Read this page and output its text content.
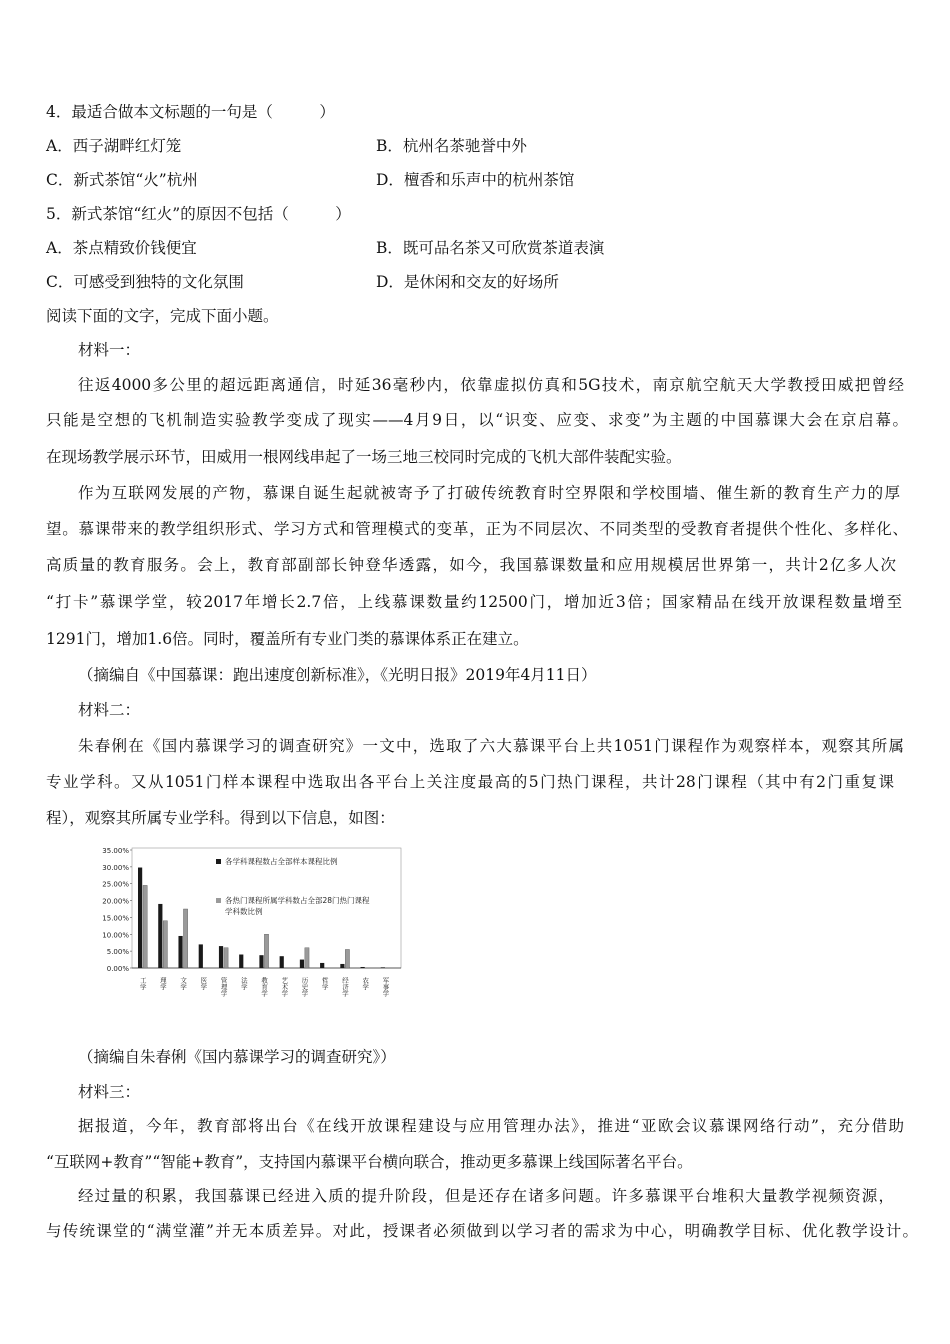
4．最适合做本文标题的一句是（　　　）
A．西子湖畔红灯笼	B．杭州名茶驰誉中外
C．新式茶馆“火”杭州	D．檀香和乐声中的杭州茶馆
5．新式茶馆“红火”的原因不包括（　　　）
A．茶点精致价钱便宜	B．既可品名茶又可欣赏茶道表演
C．可感受到独特的文化氛围	D．是休闲和交友的好场所
阅读下面的文字，完成下面小题。
材料一：
往返4000多公里的超远距离通信，时延36毫秒内，依靠虚拟仿真和5G技术，南京航空航天大学教授田威把曾经
只能是空想的飞机制造实验教学变成了现实——4月9日，以“识变、应变、求变”为主题的中国慕课大会在京启幕。
在现场教学展示环节，田威用一根网线串起了一场三地三校同时完成的飞机大部件装配实验。
作为互联网发展的产物，慕课自诞生起就被寄予了打破传统教育时空界限和学校围墙、催生新的教育生产力的厚
望。慕课带来的教学组织形式、学习方式和管理模式的变革，正为不同层次、不同类型的受教育者提供个性化、多样化、
高质量的教育服务。会上，教育部副部长钟登华透露，如今，我国慕课数量和应用规模居世界第一，共计2亿多人次
“打卡”慕课学堂，较2017年增长2.7倍，上线慕课数量约12500门，增加近3倍；国家精品在线开放课程数量增至
1291门，增加1.6倍。同时，覆盖所有专业门类的慕课体系正在建立。
（摘编自《中国慕课：跑出速度创新标准》，《光明日报》2019年4月11日）
材料二：
朱春俐在《国内慕课学习的调查研究》一文中，选取了六大慕课平台上共1051门课程作为观察样本，观察其所属
专业学科。又从1051门样本课程中选取出各平台上关注度最高的5门热门课程，共计28门课程（其中有2门重复课
程），观察其所属专业学科。得到以下信息，如图：
35.00%
30.00%
25.00%
20.00%
15.00%
10.00%
5.00%
0.00%
工学 理学 文学 医学 管理学 法学 教育学 艺术学 历史学 哲学 经济学 农学 军事学
各学科课程数占全部样本课程比例
各热门课程所属学科数占全部28门热门课程学科数比例
（摘编自朱春俐《国内慕课学习的调查研究》）
材料三：
据报道，今年，教育部将出台《在线开放课程建设与应用管理办法》，推进“亚欧会议慕课网络行动”，充分借助
“互联网+教育”“智能+教育”，支持国内慕课平台横向联合，推动更多慕课上线国际著名平台。
经过量的积累，我国慕课已经进入质的提升阶段，但是还存在诸多问题。许多慕课平台堆积大量教学视频资源，
与传统课堂的“满堂灌”并无本质差异。对此，授课者必须做到以学习者的需求为中心，明确教学目标、优化教学设计。
